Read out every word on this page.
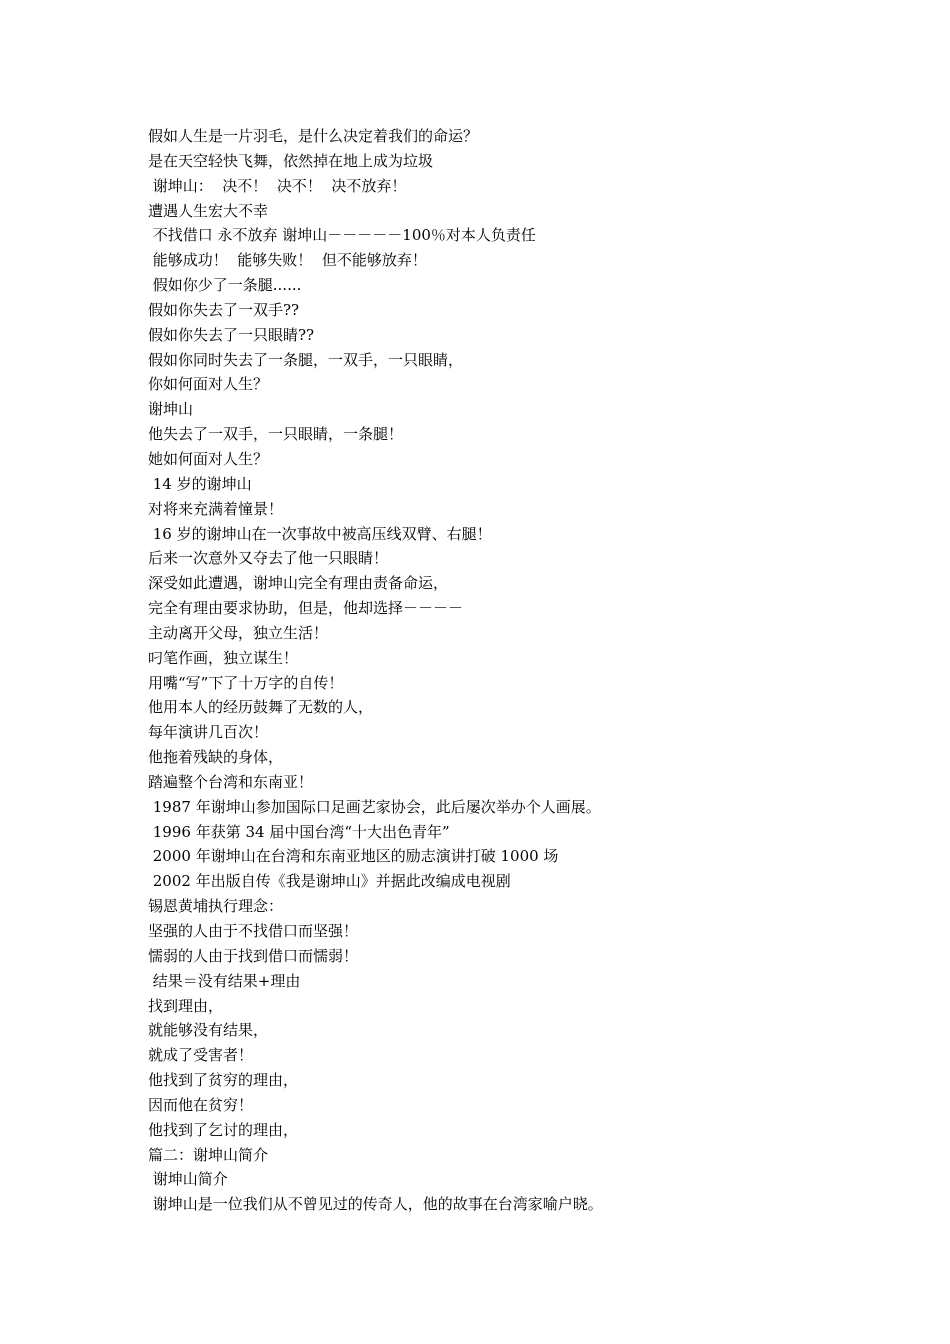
假如人生是一片羽毛，是什么决定着我们的命运？
是在天空轻快飞舞，依然掉在地上成为垃圾
谢坤山：  决不！  决不！  决不放弃！
遭遇人生宏大不幸
不找借口 永不放弃 谢坤山－－－－－100％对本人负责任
能够成功！  能够失败！  但不能够放弃！
假如你少了一条腿......
假如你失去了一双手??
假如你失去了一只眼睛??
假如你同时失去了一条腿，一双手，一只眼睛，
你如何面对人生？
谢坤山
他失去了一双手，一只眼睛，一条腿！
她如何面对人生？
14 岁的谢坤山
对将来充满着憧景！
16 岁的谢坤山在一次事故中被高压线双臂、右腿！
后来一次意外又夺去了他一只眼睛！
深受如此遭遇，谢坤山完全有理由责备命运，
完全有理由要求协助，但是，他却选择－－－－
主动离开父母，独立生活！
叼笔作画，独立谋生！
用嘴“写”下了十万字的自传！
他用本人的经历鼓舞了无数的人，
每年演讲几百次！
他拖着残缺的身体，
踏遍整个台湾和东南亚！
1987 年谢坤山参加国际口足画艺家协会，此后屡次举办个人画展。
1996 年获第 34 届中国台湾“十大出色青年”
2000 年谢坤山在台湾和东南亚地区的励志演讲打破 1000 场
2002 年出版自传《我是谢坤山》并据此改编成电视剧
锡恩黄埔执行理念：
坚强的人由于不找借口而坚强！
懦弱的人由于找到借口而懦弱！
结果＝没有结果+理由
找到理由，
就能够没有结果，
就成了受害者！
他找到了贫穷的理由，
因而他在贫穷！
他找到了乞讨的理由，
篇二：谢坤山简介
谢坤山简介
谢坤山是一位我们从不曾见过的传奇人，他的故事在台湾家喻户晓。
